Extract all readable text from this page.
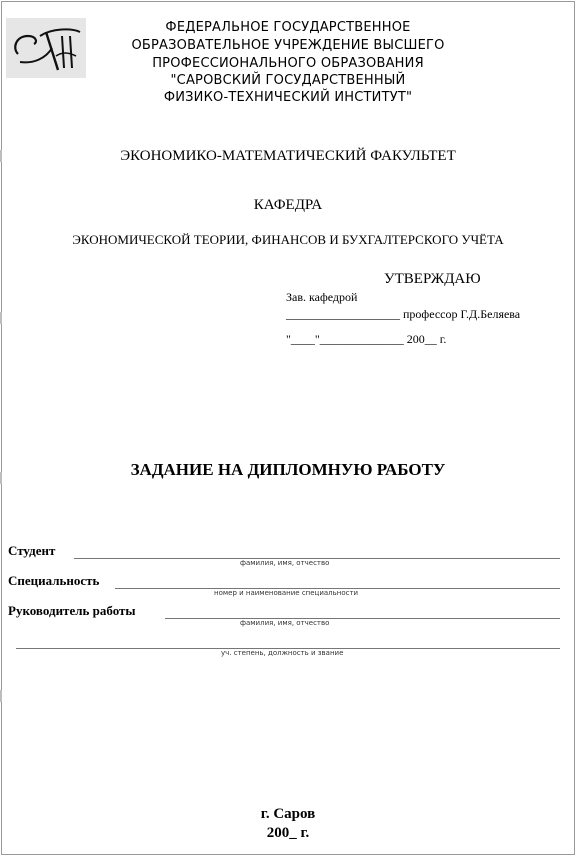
ФЕДЕРАЛЬНОЕ ГОСУДАРСТВЕННОЕ
ОБРАЗОВАТЕЛЬНОЕ УЧРЕЖДЕНИЕ ВЫСШЕГО
ПРОФЕССИОНАЛЬНОГО ОБРАЗОВАНИЯ
"САРОВСКИЙ ГОСУДАРСТВЕННЫЙ
ФИЗИКО-ТЕХНИЧЕСКИЙ ИНСТИТУТ"
ЭКОНОМИКО-МАТЕМАТИЧЕСКИЙ ФАКУЛЬТЕТ
КАФЕДРА
ЭКОНОМИЧЕСКОЙ ТЕОРИИ, ФИНАНСОВ И БУХГАЛТЕРСКОГО УЧЁТА
УТВЕРЖДАЮ
Зав. кафедрой
___________________ профессор Г.Д.Беляева
"____"______________ 200__ г.
ЗАДАНИЕ НА ДИПЛОМНУЮ РАБОТУ
Студент
фамилия, имя, отчество
Специальность
номер и наименование специальности
Руководитель работы
фамилия, имя, отчество
уч. степень, должность и звание
г. Саров
200_ г.
